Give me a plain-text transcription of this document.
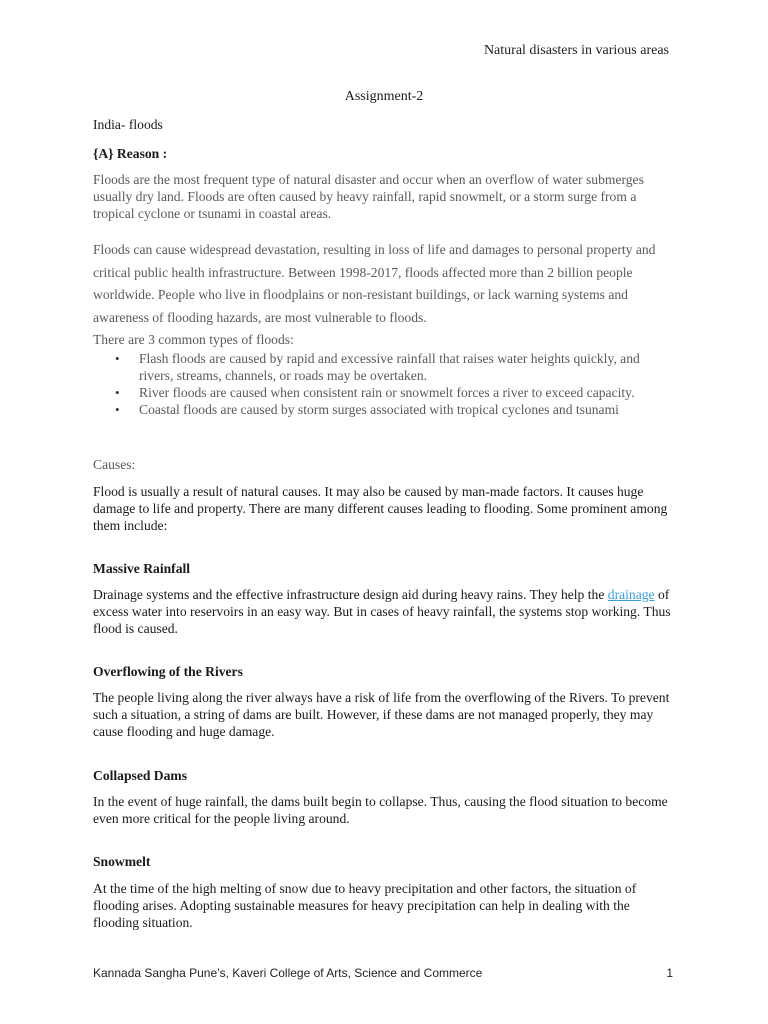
Natural disasters in various areas
Assignment-2

India- floods

{A} Reason :

Floods are the most frequent type of natural disaster and occur when an overflow of water submerges usually dry land. Floods are often caused by heavy rainfall, rapid snowmelt, or a storm surge from a tropical cyclone or tsunami in coastal areas.

Floods can cause widespread devastation, resulting in loss of life and damages to personal property and critical public health infrastructure. Between 1998-2017, floods affected more than 2 billion people worldwide. People who live in floodplains or non-resistant buildings, or lack warning systems and awareness of flooding hazards, are most vulnerable to floods.

There are 3 common types of floods:

• Flash floods are caused by rapid and excessive rainfall that raises water heights quickly, and rivers, streams, channels, or roads may be overtaken.
• River floods are caused when consistent rain or snowmelt forces a river to exceed capacity.
• Coastal floods are caused by storm surges associated with tropical cyclones and tsunami

Causes:

Flood is usually a result of natural causes. It may also be caused by man-made factors. It causes huge damage to life and property. There are many different causes leading to flooding. Some prominent among them include:

Massive Rainfall

Drainage systems and the effective infrastructure design aid during heavy rains. They help the drainage of excess water into reservoirs in an easy way. But in cases of heavy rainfall, the systems stop working. Thus flood is caused.

Overflowing of the Rivers

The people living along the river always have a risk of life from the overflowing of the Rivers. To prevent such a situation, a string of dams are built. However, if these dams are not managed properly, they may cause flooding and huge damage.

Collapsed Dams

In the event of huge rainfall, the dams built begin to collapse. Thus, causing the flood situation to become even more critical for the people living around.

Snowmelt

At the time of the high melting of snow due to heavy precipitation and other factors, the situation of flooding arises. Adopting sustainable measures for heavy precipitation can help in dealing with the flooding situation.

Kannada Sangha Pune’s, Kaveri College of Arts, Science and Commerce	1
